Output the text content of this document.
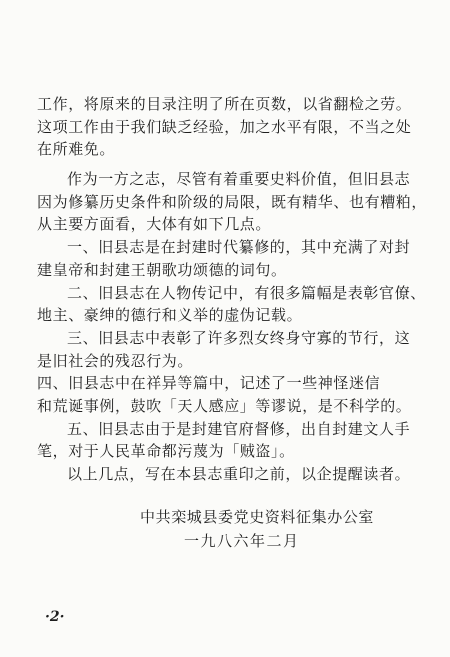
工作，将原来的目录注明了所在页数，以省翻检之劳。
这项工作由于我们缺乏经验，加之水平有限，不当之处
在所难免。
作为一方之志，尽管有着重要史料价值，但旧县志
因为修纂历史条件和阶级的局限，既有精华、也有糟粕，
从主要方面看，大体有如下几点。
一、旧县志是在封建时代纂修的，其中充满了对封
建皇帝和封建王朝歌功颂德的词句。
二、旧县志在人物传记中，有很多篇幅是表彰官僚、
地主、豪绅的德行和义举的虚伪记载。
三、旧县志中表彰了许多烈女终身守寡的节行，这
是旧社会的残忍行为。
四、旧县志中在祥异等篇中，记述了一些神怪迷信
和荒诞事例，鼓吹「天人感应」等谬说，是不科学的。
五、旧县志由于是封建官府督修，出自封建文人手
笔，对于人民革命都污蔑为「贼盗」。
以上几点，写在本县志重印之前，以企提醒读者。
中共栾城县委党史资料征集办公室
一九八六年二月
·2·
